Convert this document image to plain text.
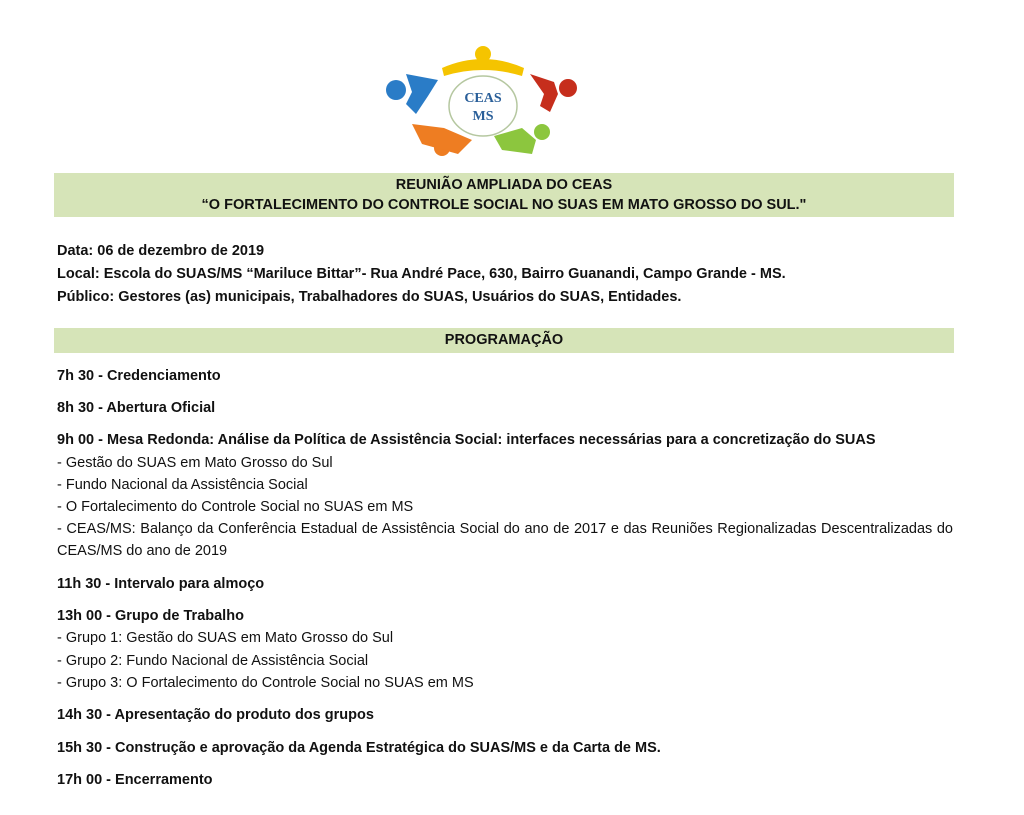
CEAS
MS
REUNIÃO AMPLIADA DO CEAS
“O FORTALECIMENTO DO CONTROLE SOCIAL NO SUAS EM MATO GROSSO DO SUL."
Data: 06 de dezembro de 2019
Local: Escola do SUAS/MS “Mariluce Bittar”- Rua André Pace, 630, Bairro Guanandi, Campo Grande - MS.
Público: Gestores (as) municipais, Trabalhadores do SUAS, Usuários do SUAS, Entidades.
PROGRAMAÇÃO
7h 30 - Credenciamento
8h 30 - Abertura Oficial
9h 00 - Mesa Redonda: Análise da Política de Assistência Social: interfaces necessárias para a concretização do SUAS
- Gestão do SUAS em Mato Grosso do Sul
- Fundo Nacional da Assistência Social
- O Fortalecimento do Controle Social no SUAS em MS
- CEAS/MS: Balanço da Conferência Estadual de Assistência Social do ano de 2017 e das Reuniões Regionalizadas Descentralizadas do CEAS/MS do ano de 2019
11h 30 - Intervalo para almoço
13h 00 - Grupo de Trabalho
- Grupo 1: Gestão do SUAS em Mato Grosso do Sul
- Grupo 2: Fundo Nacional de Assistência Social
- Grupo 3: O Fortalecimento do Controle Social no SUAS em MS
14h 30 - Apresentação do produto dos grupos
15h 30 - Construção e aprovação da Agenda Estratégica do SUAS/MS e da Carta de MS.
17h 00 - Encerramento
